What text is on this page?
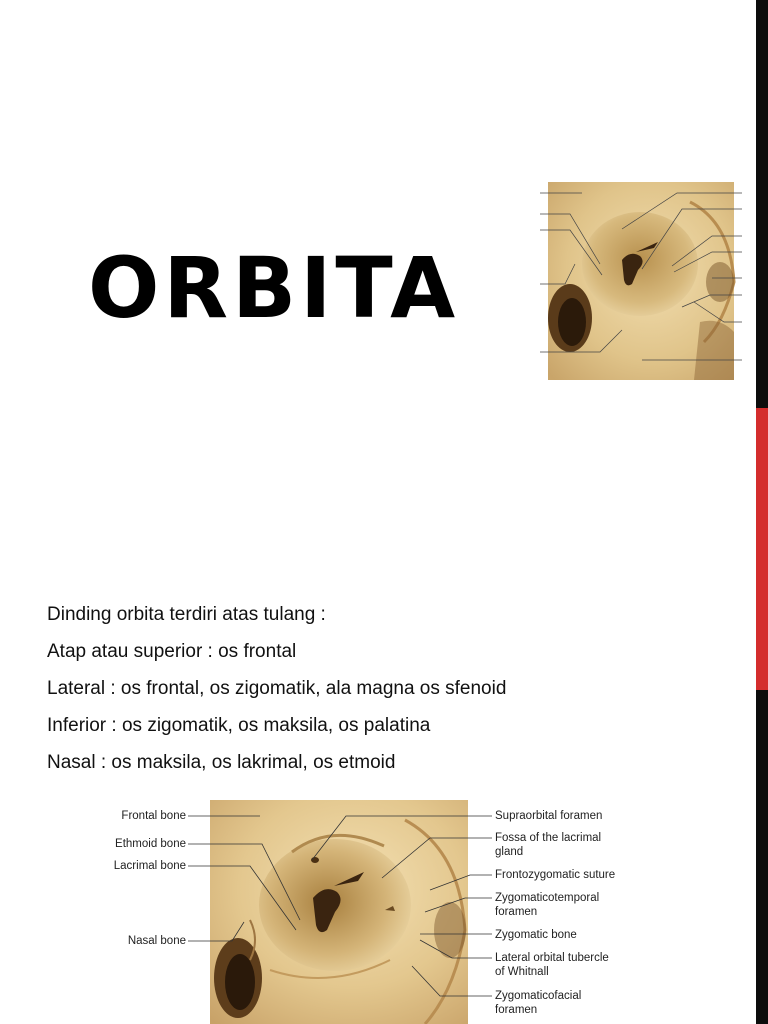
ORBITA
Dinding orbita terdiri atas tulang :
Atap atau superior : os frontal
Lateral : os frontal, os zigomatik, ala magna os sfenoid
Inferior : os zigomatik, os maksila, os palatina
Nasal : os maksila, os lakrimal, os etmoid
Frontal bone
Ethmoid bone
Lacrimal bone
Nasal bone
Supraorbital foramen
Fossa of the lacrimal gland
Frontozygomatic suture
Zygomaticotemporal foramen
Zygomatic bone
Lateral orbital tubercle of Whitnall
Zygomaticofacial foramen
